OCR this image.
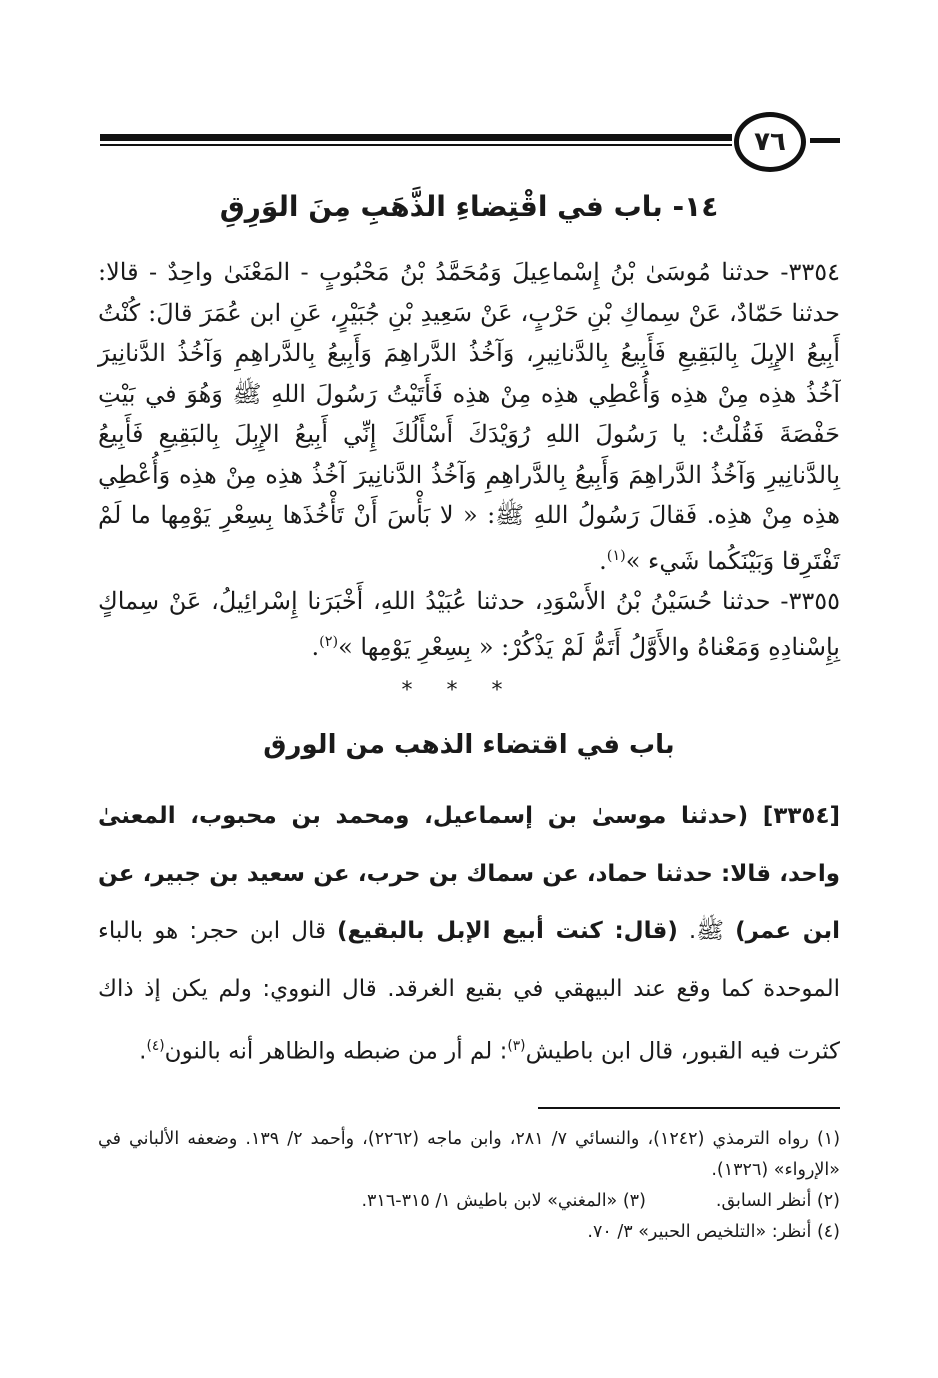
٧٦
١٤- باب في اقْتِضاءِ الذَّهَبِ مِنَ الوَرِقِ

٣٣٥٤- حدثنا مُوسَىٰ بْنُ إِسْماعِيلَ وَمُحَمَّدُ بْنُ مَحْبُوبٍ - المَعْنَىٰ واحِدٌ - قالا: حدثنا حَمّادٌ، عَنْ سِماكِ بْنِ حَرْبٍ، عَنْ سَعِيدِ بْنِ جُبَيْرٍ، عَنِ ابن عُمَرَ قالَ: كُنْتُ أَبِيعُ الإِبِلَ بِالبَقِيعِ فَأَبِيعُ بِالدَّنانِيرِ، وَآخُذُ الدَّراهِمَ وَأَبِيعُ بِالدَّراهِمِ وَآخُذُ الدَّنانِيرَ آخُذُ هذِه مِنْ هذِه وَأُعْطِي هذِه مِنْ هذِه فَأَتَيْتُ رَسُولَ اللهِ ﷺ وَهُوَ في بَيْتِ حَفْصَةَ فَقُلْتُ: يا رَسُولَ اللهِ رُوَيْدَكَ أَسْأَلُكَ إِنِّي أَبِيعُ الإِبِلَ بِالبَقِيعِ فَأَبِيعُ بِالدَّنانِيرِ وَآخُذُ الدَّراهِمَ وَأَبِيعُ بِالدَّراهِمِ وَآخُذُ الدَّنانِيرَ آخُذُ هذِه مِنْ هذِه وَأُعْطِي هذِه مِنْ هذِه. فَقالَ رَسُولُ اللهِ ﷺ: « لا بَأْسَ أَنْ تَأْخُذَها بِسِعْرِ يَوْمِها ما لَمْ تَفْتَرِقا وَبَيْنَكُما شَيء »$^{(١)}$.

٣٣٥٥- حدثنا حُسَيْنُ بْنُ الأَسْوَدِ، حدثنا عُبَيْدُ اللهِ، أَخْبَرَنا إِسْرائِيلُ، عَنْ سِماكٍ بِإِسْنادِهِ وَمَعْناهُ والأَوَّلُ أَتَمُّ لَمْ يَذْكُرْ: « بِسِعْرِ يَوْمِها »$^{(٢)}$.

***
باب في اقتضاء الذهب من الورق
[٣٣٥٤] (حدثنا موسىٰ بن إسماعيل، ومحمد بن محبوب، المعنىٰ واحد، قالا: حدثنا حماد، عن سماك بن حرب، عن سعيد بن جبير، عن ابن عمر) ﷺ. (قال: كنت أبيع الإبل بالبقيع) قال ابن حجر: هو بالباء الموحدة كما وقع عند البيهقي في بقيع الغرقد. قال النووي: ولم يكن إذ ذاك كثرت فيه القبور، قال ابن باطيش$^{(٣)}$: لم أر من ضبطه والظاهر أنه بالنون$^{(٤)}$.

(١) رواه الترمذي (١٢٤٢)، والنسائي ٧/ ٢٨١، وابن ماجه (٢٢٦٢)، وأحمد ٢/ ١٣٩. وضعفه الألباني في «الإرواء» (١٣٢٦).

(٢) أنظر السابق.
(٣) «المغني» لابن باطيش ١/ ٣١٥-٣١٦.

(٤) أنظر: «التلخيص الحبير» ٣/ ٧٠.
